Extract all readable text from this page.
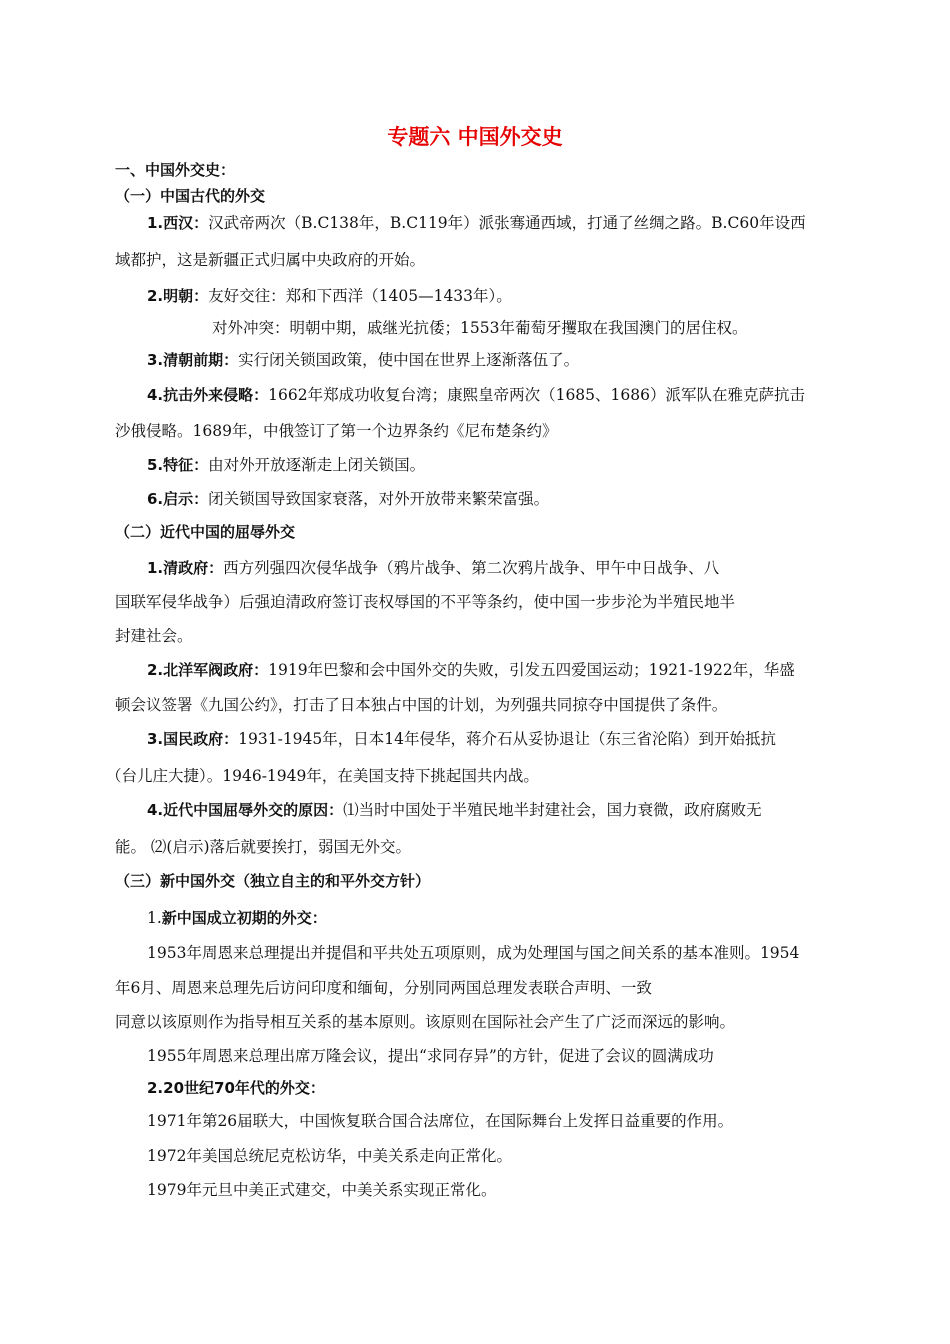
专题六 中国外交史
一、中国外交史：
（一）中国古代的外交
1.西汉：汉武帝两次（B.C138年，B.C119年）派张骞通西域，打通了丝绸之路。B.C60年设西
域都护，这是新疆正式归属中央政府的开始。
2.明朝：友好交往：郑和下西洋（1405—1433年）。
对外冲突：明朝中期，戚继光抗倭；1553年葡萄牙攫取在我国澳门的居住权。
3.清朝前期：实行闭关锁国政策，使中国在世界上逐渐落伍了。
4.抗击外来侵略：1662年郑成功收复台湾；康熙皇帝两次（1685、1686）派军队在雅克萨抗击
沙俄侵略。1689年，中俄签订了第一个边界条约《尼布楚条约》
5.特征：由对外开放逐渐走上闭关锁国。
6.启示：闭关锁国导致国家衰落，对外开放带来繁荣富强。
（二）近代中国的屈辱外交
1.清政府：西方列强四次侵华战争（鸦片战争、第二次鸦片战争、甲午中日战争、八
国联军侵华战争）后强迫清政府签订丧权辱国的不平等条约，使中国一步步沦为半殖民地半
封建社会。
2.北洋军阀政府：1919年巴黎和会中国外交的失败，引发五四爱国运动；1921-1922年，华盛
顿会议签署《九国公约》，打击了日本独占中国的计划，为列强共同掠夺中国提供了条件。
3.国民政府：1931-1945年，日本14年侵华，蒋介石从妥协退让（东三省沦陷）到开始抵抗
（台儿庄大捷）。1946-1949年，在美国支持下挑起国共内战。
4.近代中国屈辱外交的原因：⑴当时中国处于半殖民地半封建社会，国力衰微，政府腐败无
能。 ⑵(启示)落后就要挨打，弱国无外交。
（三）新中国外交（独立自主的和平外交方针）
1.新中国成立初期的外交：
1953年周恩来总理提出并提倡和平共处五项原则，成为处理国与国之间关系的基本准则。1954
年6月、周恩来总理先后访问印度和缅甸，分别同两国总理发表联合声明、一致
同意以该原则作为指导相互关系的基本原则。该原则在国际社会产生了广泛而深远的影响。
1955年周恩来总理出席万隆会议，提出“求同存异”的方针，促进了会议的圆满成功
2.20世纪70年代的外交：
1971年第26届联大，中国恢复联合国合法席位，在国际舞台上发挥日益重要的作用。
1972年美国总统尼克松访华，中美关系走向正常化。
1979年元旦中美正式建交，中美关系实现正常化。
